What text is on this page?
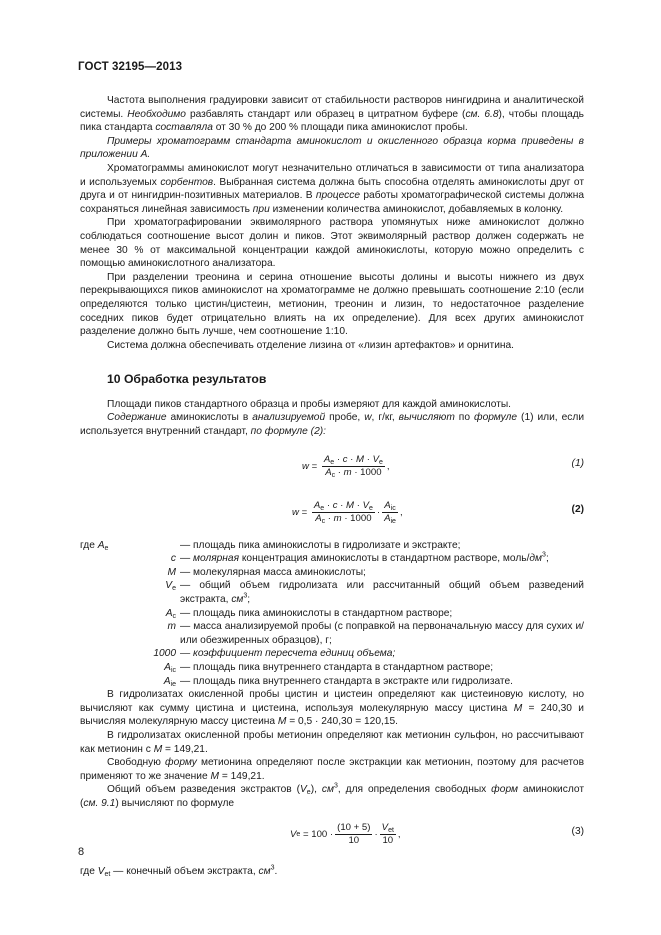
ГОСТ 32195—2013

Частота выполнения градуировки зависит от стабильности растворов нингидрина и аналитической системы. Необходимо разбавлять стандарт или образец в цитратном буфере (см. 6.8), чтобы площадь пика стандарта составляла от 30 % до 200 % площади пика аминокислот пробы.

Примеры хроматограмм стандарта аминокислот и окисленного образца корма приведены в приложении А.

Хроматограммы аминокислот могут незначительно отличаться в зависимости от типа анализатора и используемых сорбентов. Выбранная система должна быть способна отделять аминокислоты друг от друга и от нингидрин-позитивных материалов. В процессе работы хроматографической системы должна сохраняться линейная зависимость при изменении количества аминокислот, добавляемых в колонку.

При хроматографировании эквимолярного раствора упомянутых ниже аминокислот должно соблюдаться соотношение высот долин и пиков. Этот эквимолярный раствор должен содержать не менее 30 % от максимальной концентрации каждой аминокислоты, которую можно определить с помощью аминокислотного анализатора.

При разделении треонина и серина отношение высоты долины и высоты нижнего из двух перекрывающихся пиков аминокислот на хроматограмме не должно превышать соотношение 2:10 (если определяются только цистин/цистеин, метионин, треонин и лизин, то недостаточное разделение соседних пиков будет отрицательно влиять на их определение). Для всех других аминокислот разделение должно быть лучше, чем соотношение 1:10.

Система должна обеспечивать отделение лизина от «лизин артефактов» и орнитина.

10 Обработка результатов

Площади пиков стандартного образца и пробы измеряют для каждой аминокислоты.

Содержание аминокислоты в анализируемой пробе, w, г/кг, вычисляют по формуле (1) или, если используется внутренний стандарт, по формуле (2):

$w = \frac{A_e \cdot c \cdot M \cdot V_e}{A_c \cdot m \cdot 1000}$ ,	(1)
$w = \frac{A_e \cdot c \cdot M \cdot V_e}{A_c \cdot m \cdot 1000} \cdot \frac{A_{ic}}{A_{ie}}$ ,	(2)
где $A_e$	— площадь пика аминокислоты в гидролизате и экстракте;
c — молярная концентрация аминокислоты в стандартном растворе, моль/$дм^3$;
M — молекулярная масса аминокислоты;
$V_e$ — общий объем гидролизата или рассчитанный общий объем разведений экстракта, $см^3$;
$A_c$ — площадь пика аминокислоты в стандартном растворе;
m — масса анализируемой пробы (с поправкой на первоначальную массу для сухих и/или обезжиренных образцов), г;
1000 — коэффициент пересчета единиц объема;
$A_{ic}$ — площадь пика внутреннего стандарта в стандартном растворе;
$A_{ie}$ — площадь пика внутреннего стандарта в экстракте или гидролизате.

В гидролизатах окисленной пробы цистин и цистеин определяют как цистеиновую кислоту, но вычисляют как сумму цистина и цистеина, используя молекулярную массу цистина M = 240,30 и вычисляя молекулярную массу цистеина M = 0,5 · 240,30 = 120,15.

В гидролизатах окисленной пробы метионин определяют как метионин сульфон, но рассчитывают как метионин с M = 149,21.

Свободную форму метионина определяют после экстракции как метионин, поэтому для расчетов применяют то же значение M = 149,21.

Общий объем разведения экстрактов $(V_e)$, $см^3$, для определения свободных форм аминокислот (см. 9.1) вычисляют по формуле

V $e = 100 \cdot \frac{(10 + 5)}{10} \cdot \frac{V_{et}}{10}$ ,	(3)

где $V_{et}$ — конечный объем экстракта, $см^3$.

8
